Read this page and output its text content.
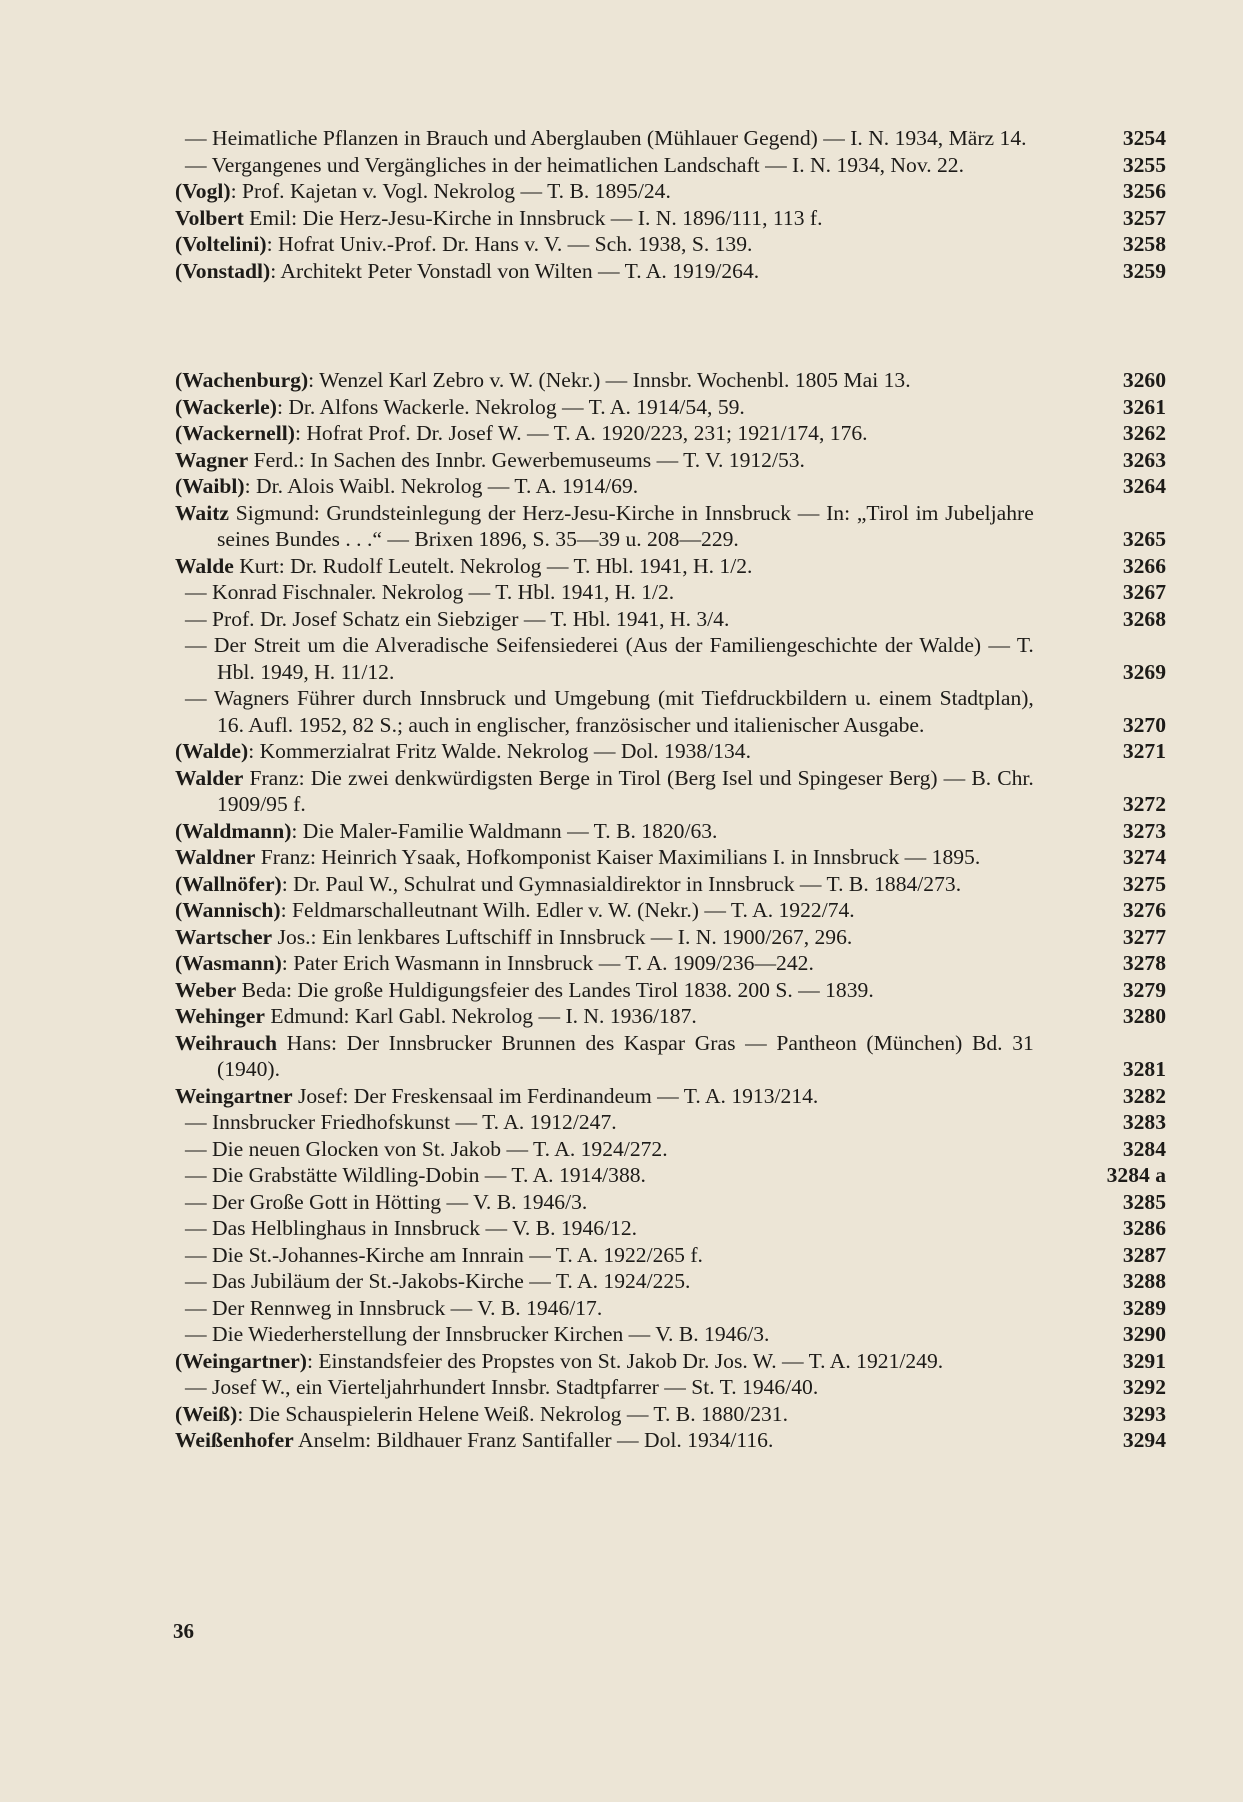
— Heimatliche Pflanzen in Brauch und Aberglauben (Mühlauer Gegend) — I. N. 1934, März 14.	3254
— Vergangenes und Vergängliches in der heimatlichen Landschaft — I. N. 1934, Nov. 22.	3255
(Vogl): Prof. Kajetan v. Vogl. Nekrolog — T. B. 1895/24.	3256
Volbert Emil: Die Herz-Jesu-Kirche in Innsbruck — I. N. 1896/111, 113 f.	3257
(Voltelini): Hofrat Univ.-Prof. Dr. Hans v. V. — Sch. 1938, S. 139.	3258
(Vonstadl): Architekt Peter Vonstadl von Wilten — T. A. 1919/264.	3259
(Wachenburg): Wenzel Karl Zebro v. W. (Nekr.) — Innsbr. Wochenbl. 1805 Mai 13.	3260
(Wackerle): Dr. Alfons Wackerle. Nekrolog — T. A. 1914/54, 59.	3261
(Wackernell): Hofrat Prof. Dr. Josef W. — T. A. 1920/223, 231; 1921/174, 176.	3262
Wagner Ferd.: In Sachen des Innbr. Gewerbemuseums — T. V. 1912/53.	3263
(Waibl): Dr. Alois Waibl. Nekrolog — T. A. 1914/69.	3264
Waitz Sigmund: Grundsteinlegung der Herz-Jesu-Kirche in Innsbruck — In: „Tirol im Jubeljahre seines Bundes . . .“ — Brixen 1896, S. 35—39 u. 208—229.	3265
Walde Kurt: Dr. Rudolf Leutelt. Nekrolog — T. Hbl. 1941, H. 1/2.	3266
— Konrad Fischnaler. Nekrolog — T. Hbl. 1941, H. 1/2.	3267
— Prof. Dr. Josef Schatz ein Siebziger — T. Hbl. 1941, H. 3/4.	3268
— Der Streit um die Alveradische Seifensiederei (Aus der Familiengeschichte der Walde) — T. Hbl. 1949, H. 11/12.	3269
— Wagners Führer durch Innsbruck und Umgebung (mit Tiefdruckbildern u. einem Stadtplan), 16. Aufl. 1952, 82 S.; auch in englischer, französischer und italienischer Ausgabe.	3270
(Walde): Kommerzialrat Fritz Walde. Nekrolog — Dol. 1938/134.	3271
Walder Franz: Die zwei denkwürdigsten Berge in Tirol (Berg Isel und Spingeser Berg) — B. Chr. 1909/95 f.	3272
(Waldmann): Die Maler-Familie Waldmann — T. B. 1820/63.	3273
Waldner Franz: Heinrich Ysaak, Hofkomponist Kaiser Maximilians I. in Innsbruck — 1895.	3274
(Wallnöfer): Dr. Paul W., Schulrat und Gymnasialdirektor in Innsbruck — T. B. 1884/273.	3275
(Wannisch): Feldmarschalleutnant Wilh. Edler v. W. (Nekr.) — T. A. 1922/74.	3276
Wartscher Jos.: Ein lenkbares Luftschiff in Innsbruck — I. N. 1900/267, 296.	3277
(Wasmann): Pater Erich Wasmann in Innsbruck — T. A. 1909/236—242.	3278
Weber Beda: Die große Huldigungsfeier des Landes Tirol 1838. 200 S. — 1839.	3279
Wehinger Edmund: Karl Gabl. Nekrolog — I. N. 1936/187.	3280
Weihrauch Hans: Der Innsbrucker Brunnen des Kaspar Gras — Pantheon (München) Bd. 31 (1940).	3281
Weingartner Josef: Der Freskensaal im Ferdinandeum — T. A. 1913/214.	3282
— Innsbrucker Friedhofskunst — T. A. 1912/247.	3283
— Die neuen Glocken von St. Jakob — T. A. 1924/272.	3284
— Die Grabstätte Wildling-Dobin — T. A. 1914/388.	3284 a
— Der Große Gott in Hötting — V. B. 1946/3.	3285
— Das Helblinghaus in Innsbruck — V. B. 1946/12.	3286
— Die St.-Johannes-Kirche am Innrain — T. A. 1922/265 f.	3287
— Das Jubiläum der St.-Jakobs-Kirche — T. A. 1924/225.	3288
— Der Rennweg in Innsbruck — V. B. 1946/17.	3289
— Die Wiederherstellung der Innsbrucker Kirchen — V. B. 1946/3.	3290
(Weingartner): Einstandsfeier des Propstes von St. Jakob Dr. Jos. W. — T. A. 1921/249.	3291
— Josef W., ein Vierteljahrhundert Innsbr. Stadtpfarrer — St. T. 1946/40.	3292
(Weiß): Die Schauspielerin Helene Weiß. Nekrolog — T. B. 1880/231.	3293
Weißenhofer Anselm: Bildhauer Franz Santifaller — Dol. 1934/116.	3294
36
